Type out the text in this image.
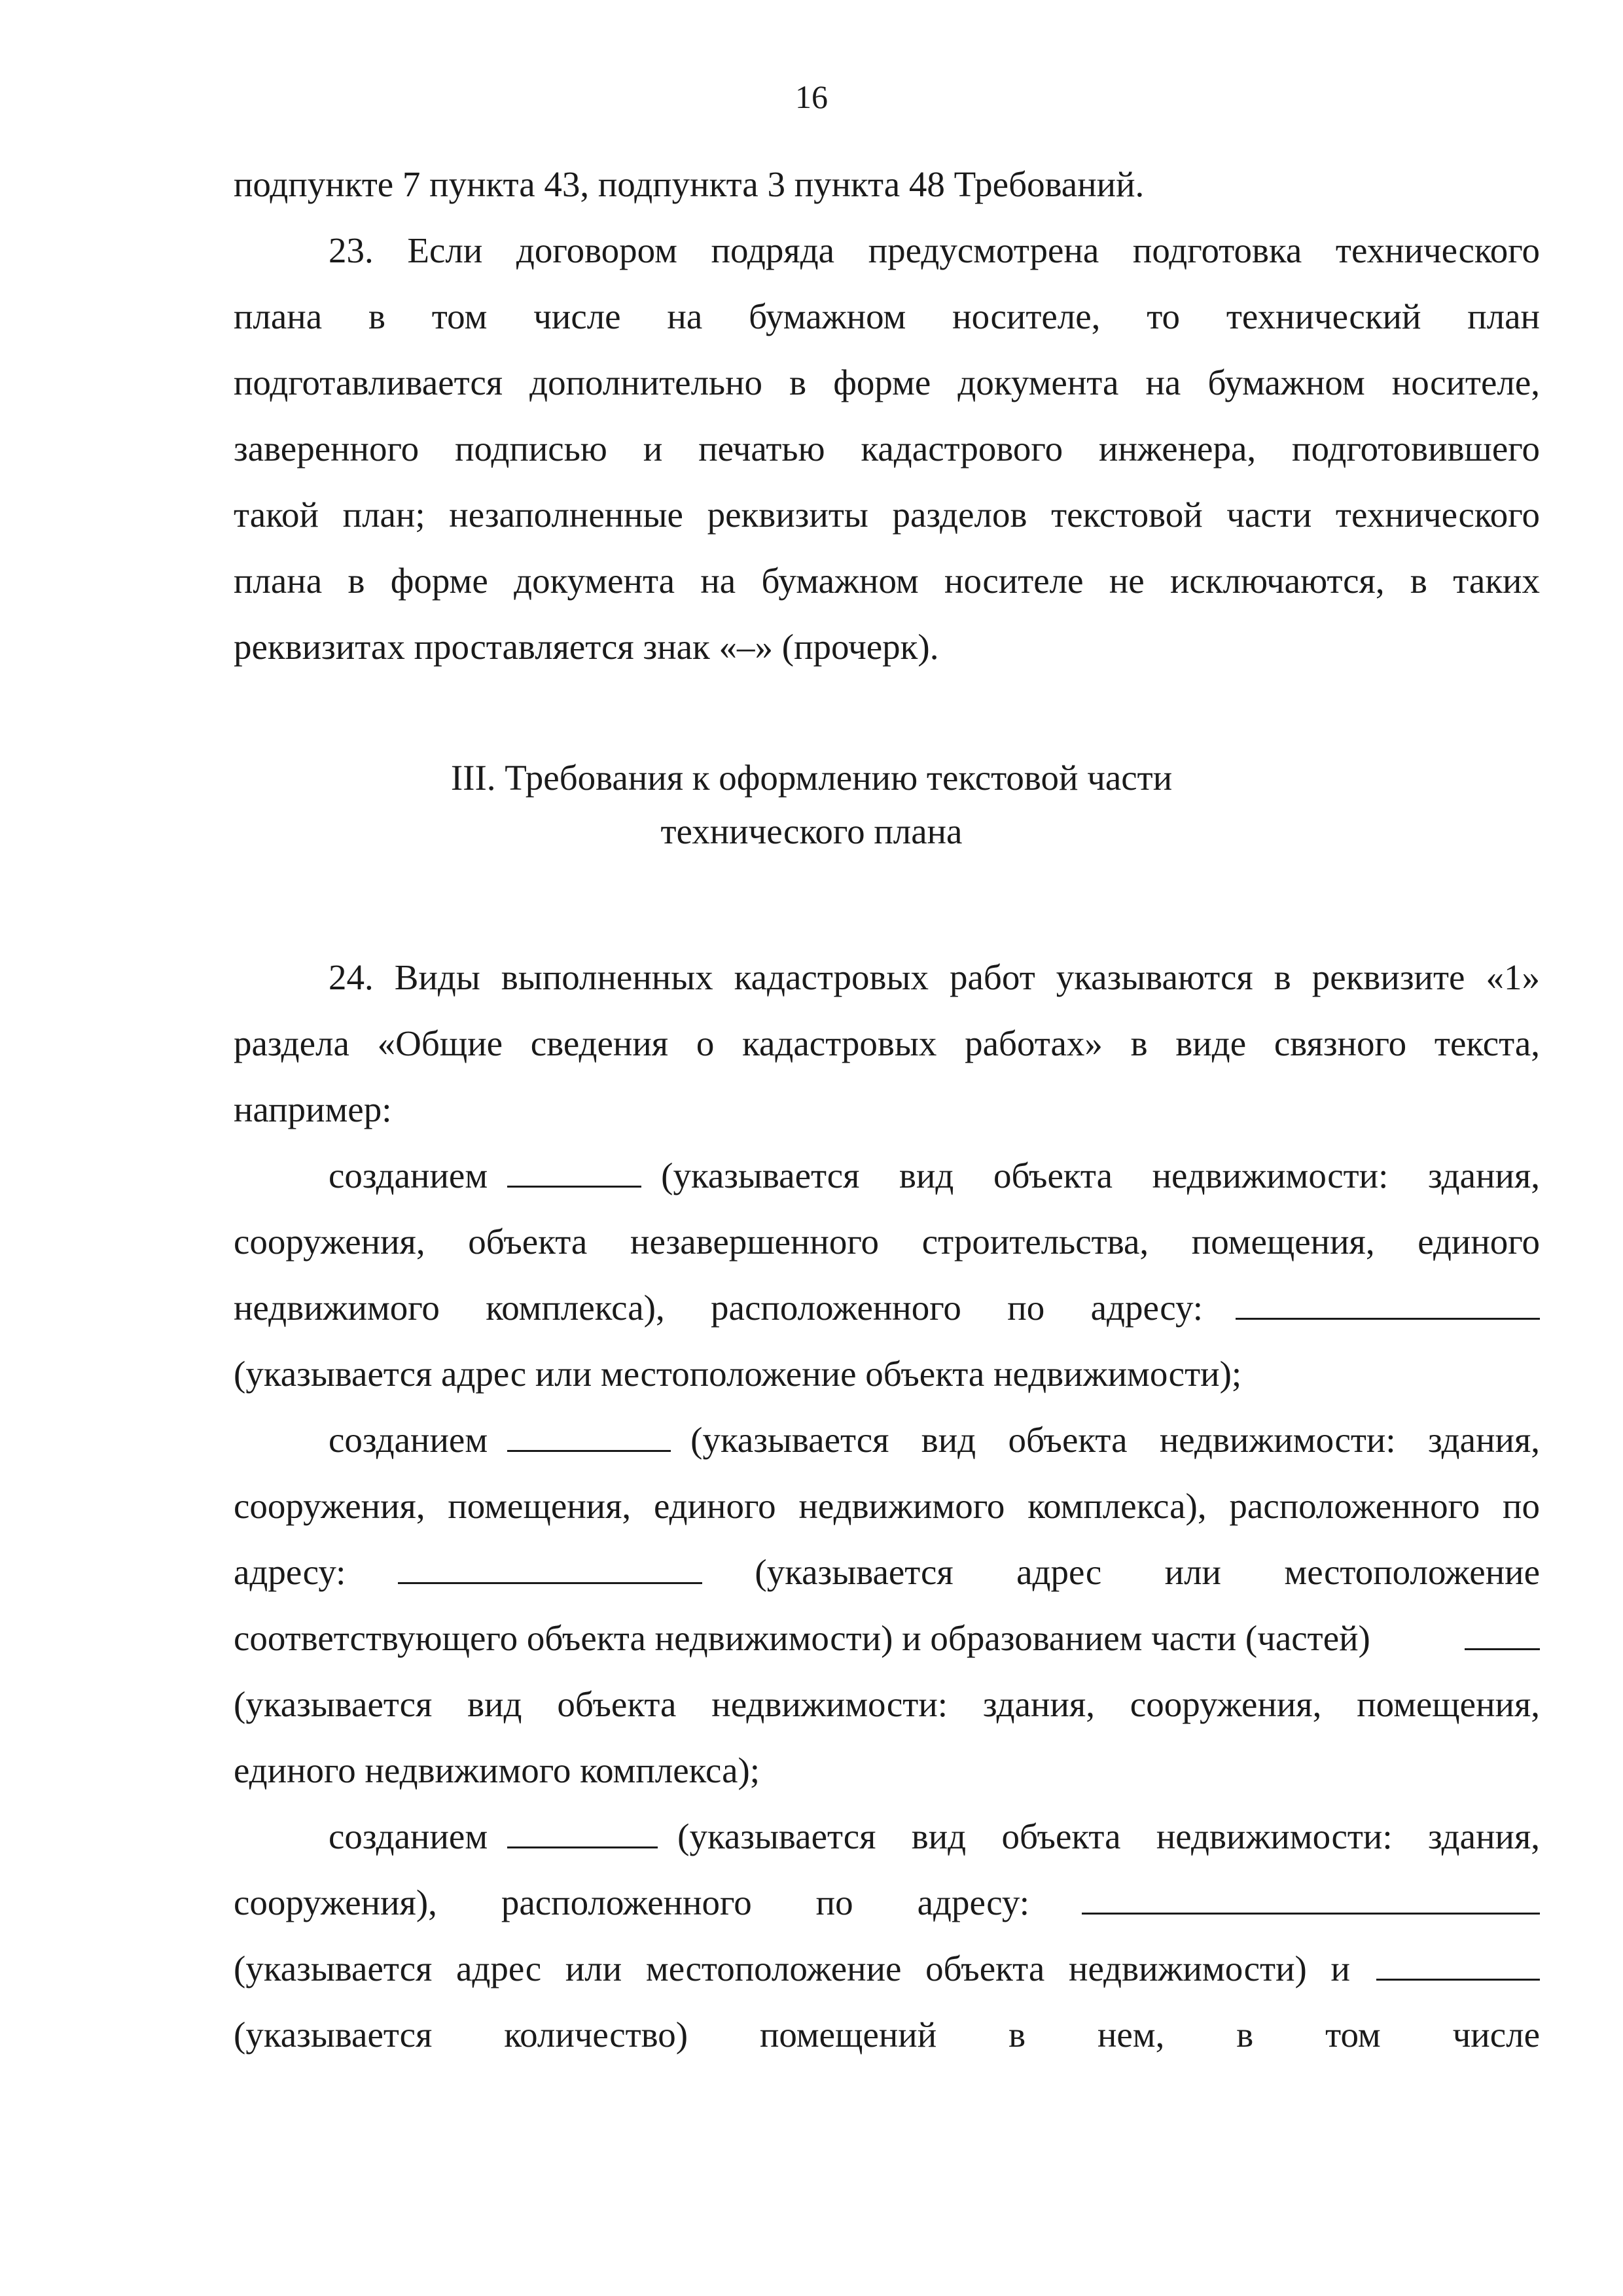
16
подпункте 7 пункта 43, подпункта 3 пункта 48 Требований.
23. Если договором подряда предусмотрена подготовка технического
плана в том числе на бумажном носителе, то технический план
подготавливается дополнительно в форме документа на бумажном носителе,
заверенного подписью и печатью кадастрового инженера, подготовившего
такой план; незаполненные реквизиты разделов текстовой части технического
плана в форме документа на бумажном носителе не исключаются, в таких
реквизитах проставляется знак «–» (прочерк).
III. Требования к оформлению текстовой части
технического плана
24. Виды выполненных кадастровых работ указываются в реквизите «1»
раздела «Общие сведения о кадастровых работах» в виде связного текста,
например:
созданием	(указывается вид объекта недвижимости: здания,
сооружения, объекта незавершенного строительства, помещения, единого
недвижимого комплекса), расположенного по адресу:
(указывается адрес или местоположение объекта недвижимости);
созданием	(указывается вид объекта недвижимости: здания,
сооружения, помещения, единого недвижимого комплекса), расположенного по
адресу:	(указывается адрес или местоположение
соответствующего объекта недвижимости) и образованием части (частей)
(указывается вид объекта недвижимости: здания, сооружения, помещения,
единого недвижимого комплекса);
созданием	(указывается вид объекта недвижимости: здания,
сооружения), расположенного по адресу:
(указывается адрес или местоположение объекта недвижимости) и
(указывается количество) помещений в нем, в том числе
